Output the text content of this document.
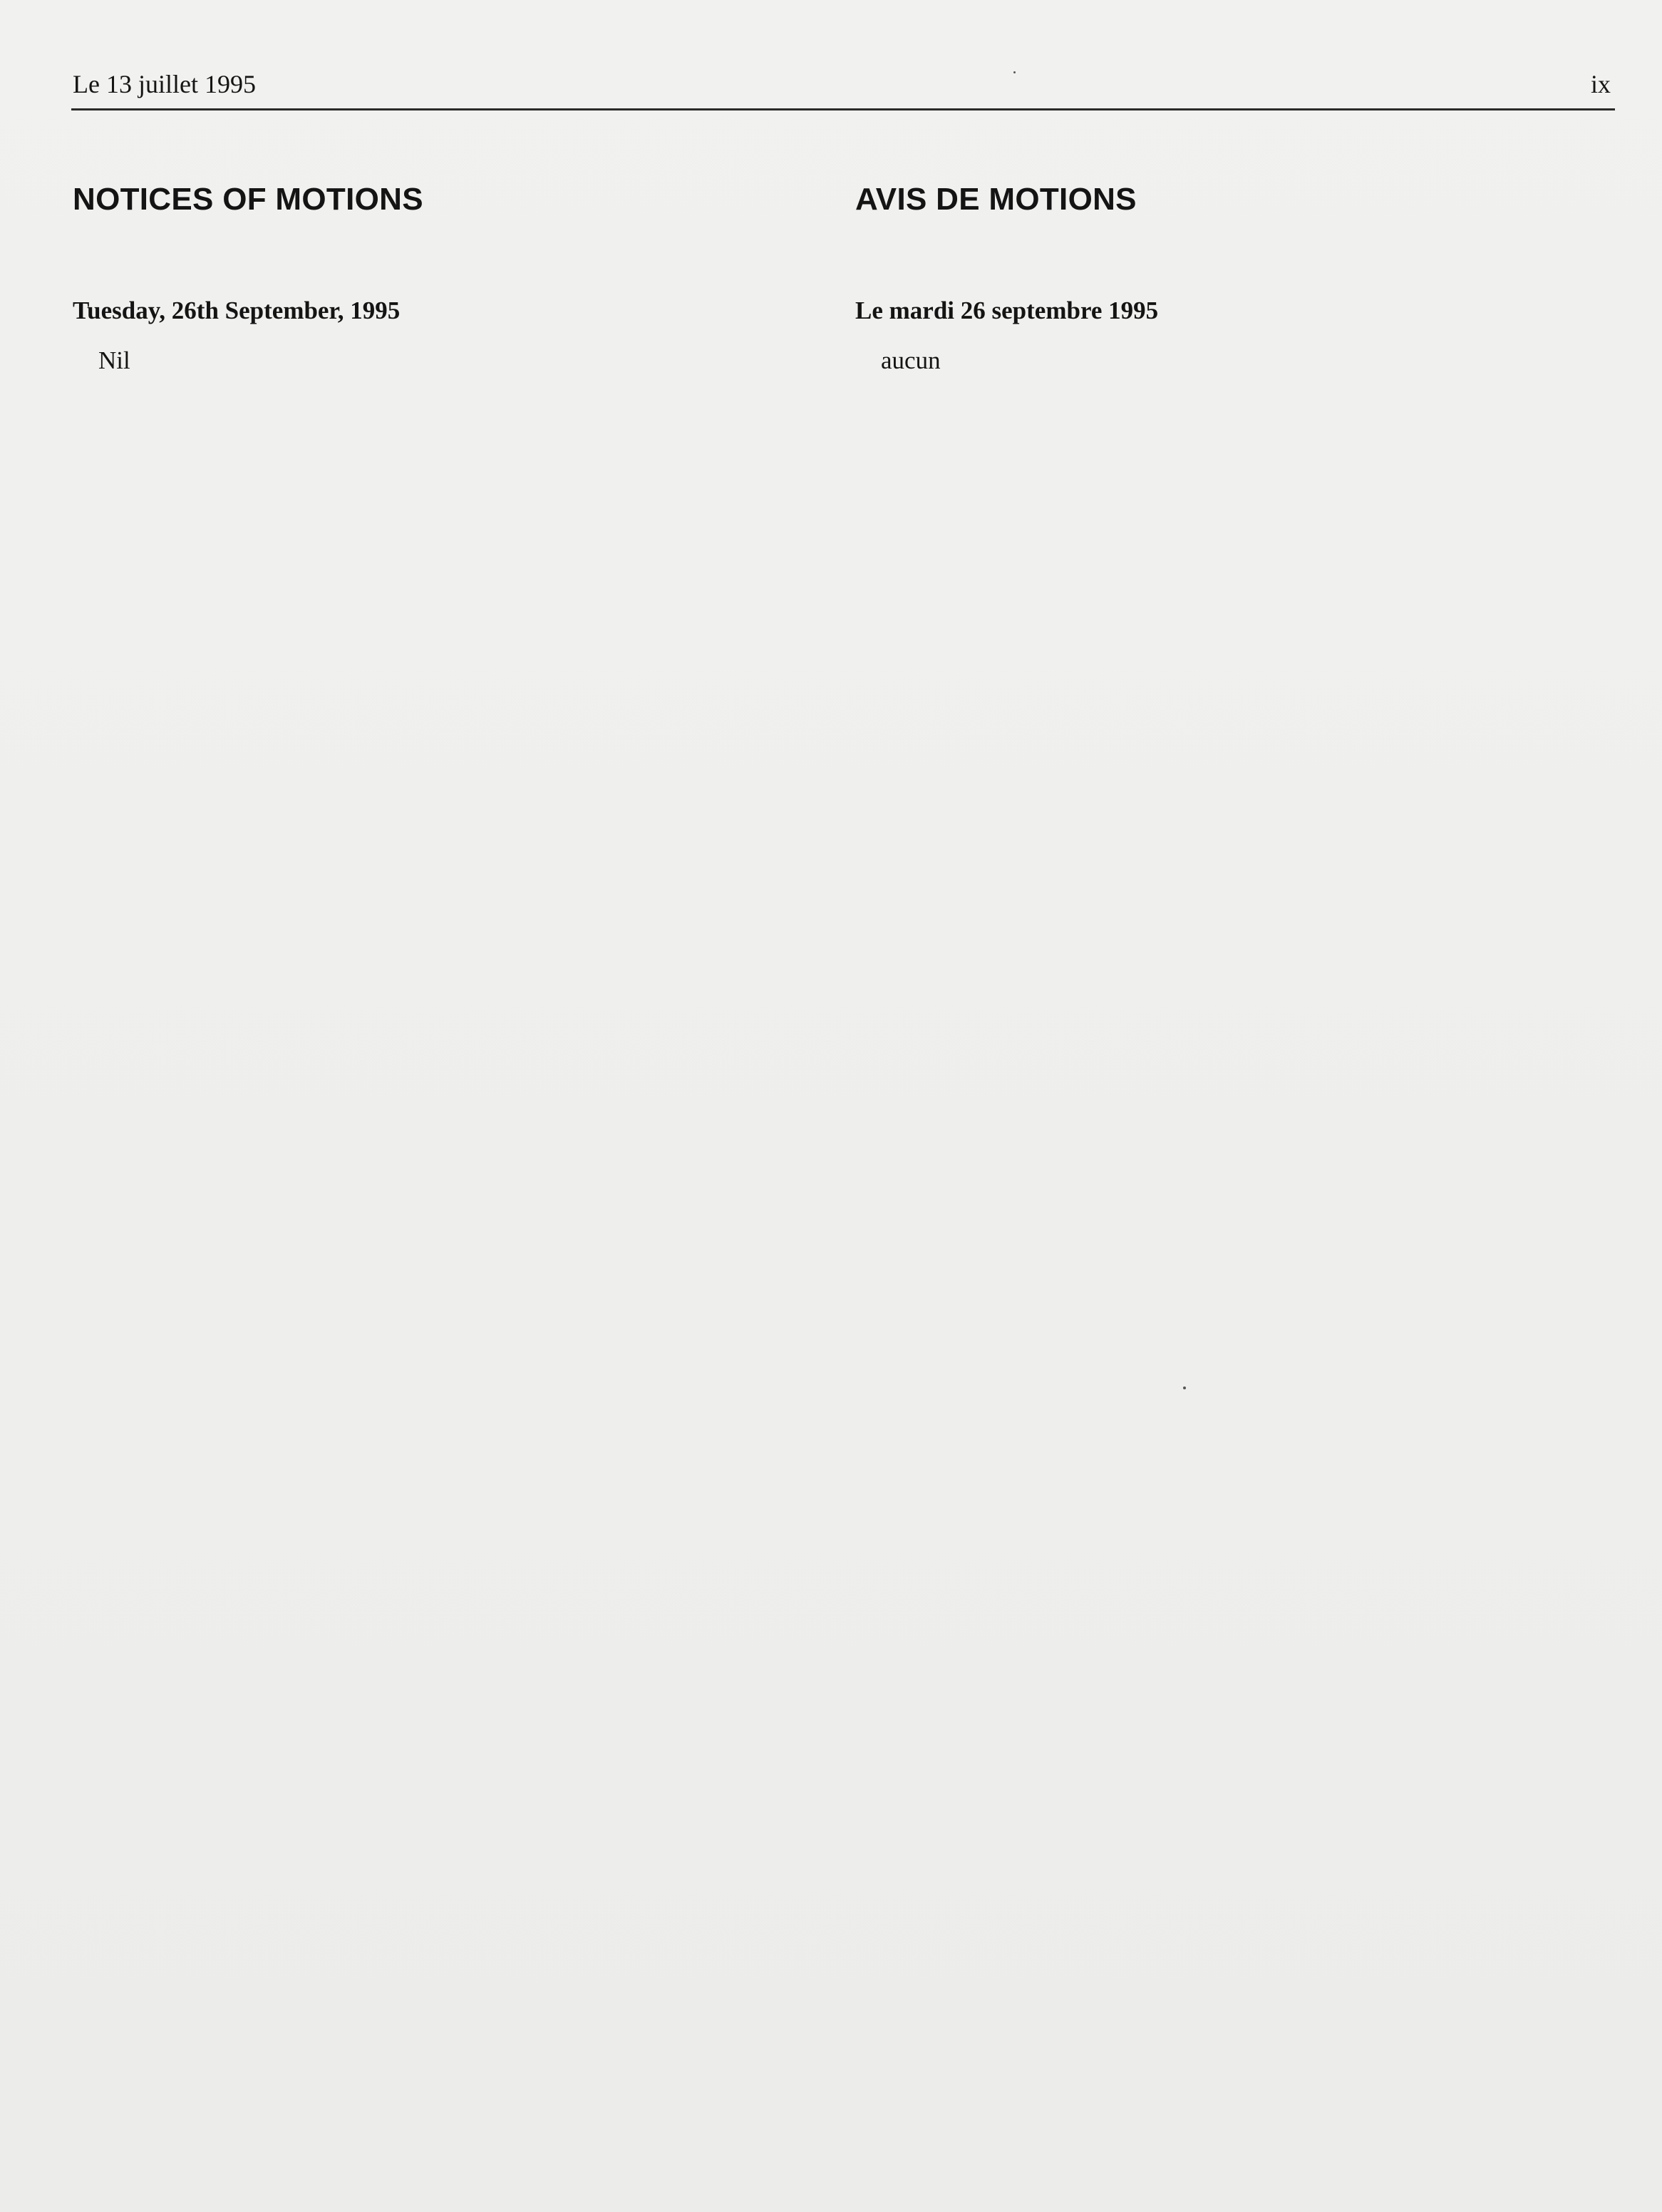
Le 13 juillet 1995	ix
NOTICES OF MOTIONS
Tuesday, 26th September, 1995
Nil
AVIS DE MOTIONS
Le mardi 26 septembre 1995
aucun
